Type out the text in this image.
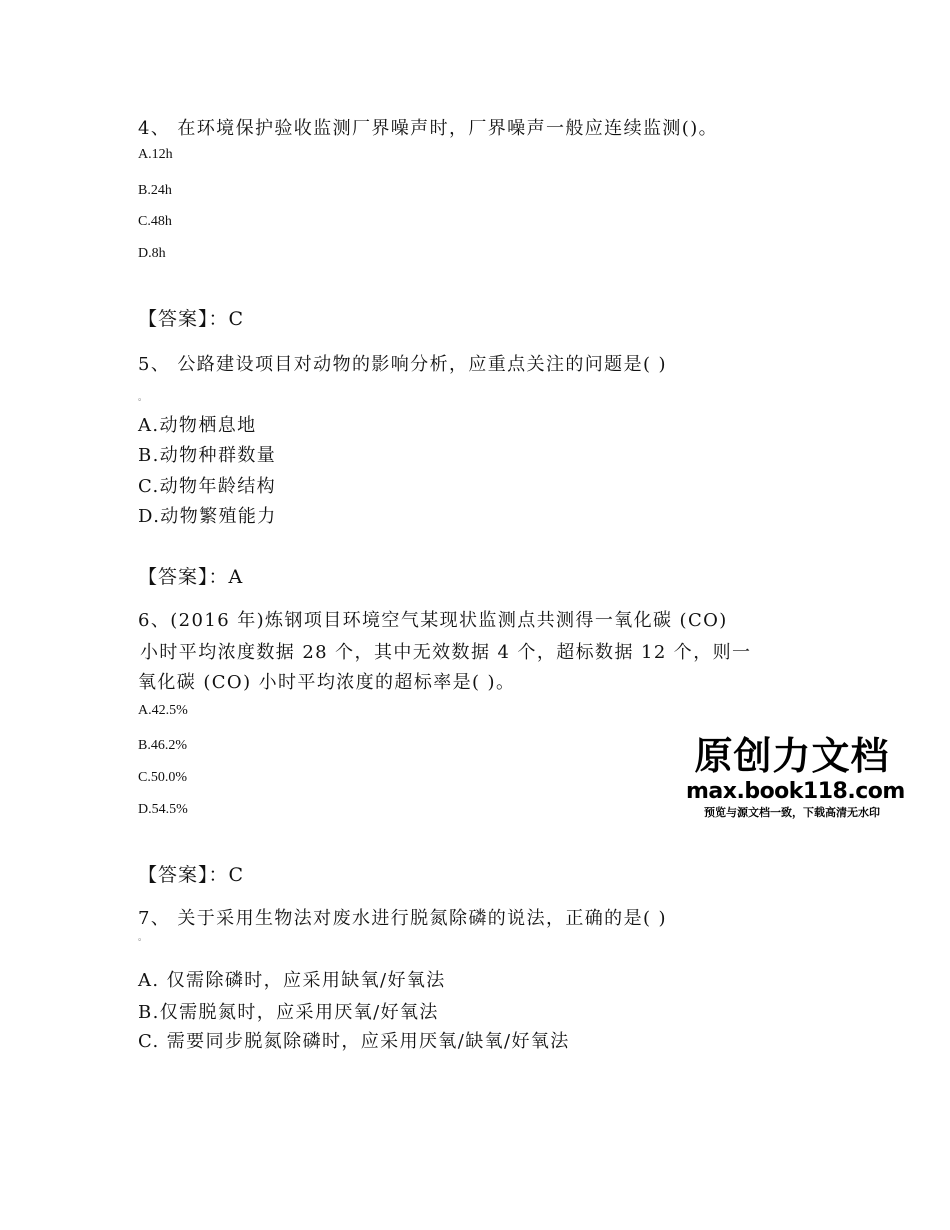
4、 在环境保护验收监测厂界噪声时，厂界噪声一般应连续监测()。
A.12h
B.24h
C.48h
D.8h
【答案】：C
5、 公路建设项目对动物的影响分析，应重点关注的问题是( )
。
A.动物栖息地
B.动物种群数量
C.动物年龄结构
D.动物繁殖能力
【答案】：A
6、(2016 年)炼钢项目环境空气某现状监测点共测得一氧化碳 (CO)
小时平均浓度数据 28 个，其中无效数据 4 个，超标数据 12 个，则一
氧化碳 (CO) 小时平均浓度的超标率是( )。
A.42.5%
B.46.2%
C.50.0%
D.54.5%
【答案】：C
7、 关于采用生物法对废水进行脱氮除磷的说法，正确的是( )
。
A. 仅需除磷时，应采用缺氧/好氧法
B.仅需脱氮时，应采用厌氧/好氧法
C. 需要同步脱氮除磷时，应采用厌氧/缺氧/好氧法
原创力文档
max.book118.com
预览与源文档一致，下载高清无水印
